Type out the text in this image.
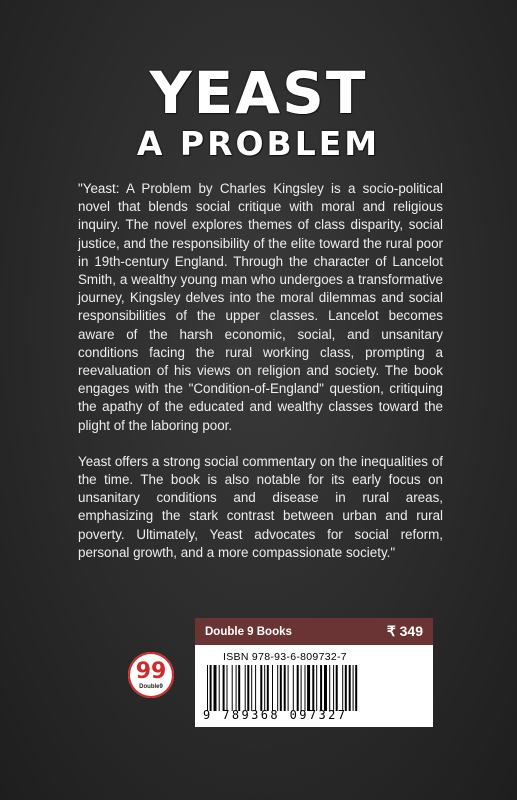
YEAST
A PROBLEM

"Yeast: A Problem by Charles Kingsley is a socio-political novel that blends social critique with moral and religious inquiry. The novel explores themes of class disparity, social justice, and the responsibility of the elite toward the rural poor in 19th-century England. Through the character of Lancelot Smith, a wealthy young man who undergoes a transformative journey, Kingsley delves into the moral dilemmas and social responsibilities of the upper classes. Lancelot becomes aware of the harsh economic, social, and unsanitary conditions facing the rural working class, prompting a reevaluation of his views on religion and society. The book engages with the "Condition-of-England" question, critiquing the apathy of the educated and wealthy classes toward the plight of the laboring poor.

Yeast offers a strong social commentary on the inequalities of the time. The book is also notable for its early focus on unsanitary conditions and disease in rural areas, emphasizing the stark contrast between urban and rural poverty. Ultimately, Yeast advocates for social reform, personal growth, and a more compassionate society."

99
Double9
Double 9 Books	₹ 349
ISBN 978-93-6-809732-7
9 789368 097327
